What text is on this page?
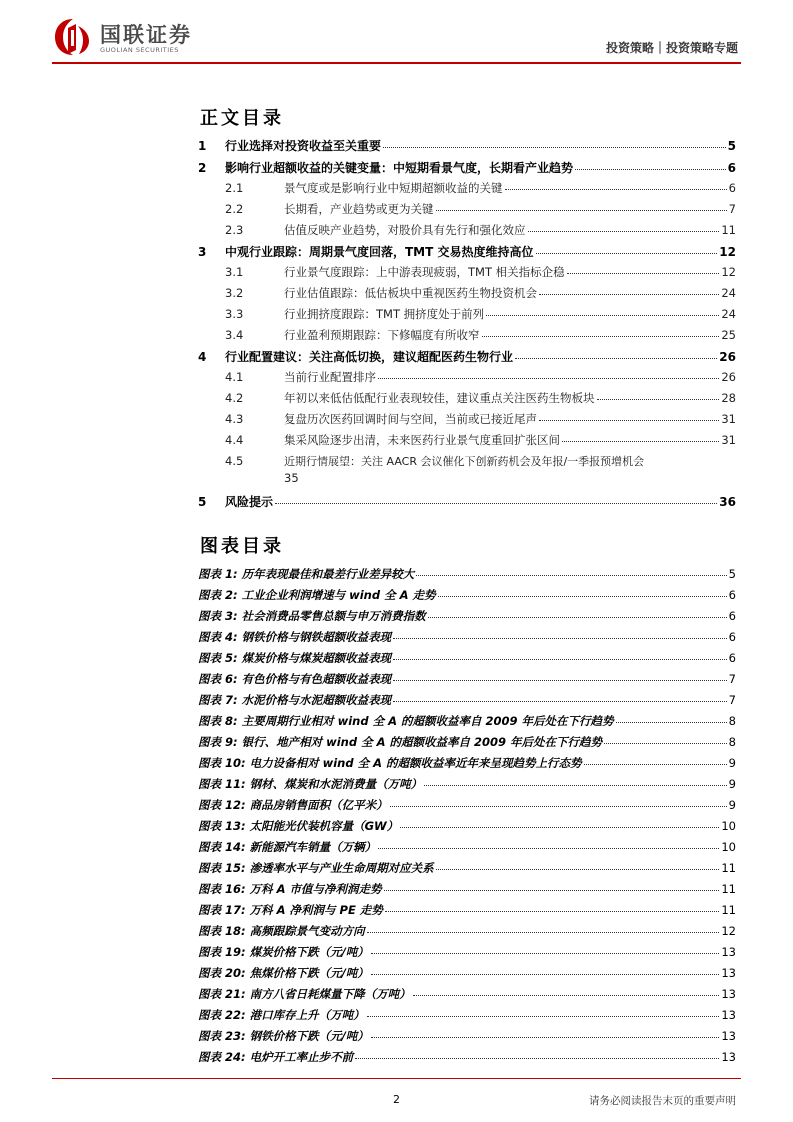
国联证券
GUOLIAN SECURITIES	投资策略｜投资策略专题
正文目录
1	行业选择对投资收益至关重要	5
2	影响行业超额收益的关键变量：中短期看景气度，长期看产业趋势	6
2.1	景气度或是影响行业中短期超额收益的关键	6
2.2	长期看，产业趋势或更为关键	7
2.3	估值反映产业趋势，对股价具有先行和强化效应	11
3	中观行业跟踪：周期景气度回落，TMT 交易热度维持高位	12
3.1	行业景气度跟踪：上中游表现疲弱，TMT 相关指标企稳	12
3.2	行业估值跟踪：低估板块中重视医药生物投资机会	24
3.3	行业拥挤度跟踪：TMT 拥挤度处于前列	24
3.4	行业盈利预期跟踪：下修幅度有所收窄	25
4	行业配置建议：关注高低切换，建议超配医药生物行业	26
4.1	当前行业配置排序	26
4.2	年初以来低估低配行业表现较佳，建议重点关注医药生物板块	28
4.3	复盘历次医药回调时间与空间，当前或已接近尾声	31
4.4	集采风险逐步出清，未来医药行业景气度重回扩张区间	31
4.5	近期行情展望：关注 AACR 会议催化下创新药机会及年报/一季报预增机会
35
5	风险提示	36
图表目录
图表 1: 历年表现最佳和最差行业差异较大	5
图表 2: 工业企业利润增速与 wind 全 A 走势	6
图表 3: 社会消费品零售总额与申万消费指数	6
图表 4: 钢铁价格与钢铁超额收益表现	6
图表 5: 煤炭价格与煤炭超额收益表现	6
图表 6: 有色价格与有色超额收益表现	7
图表 7: 水泥价格与水泥超额收益表现	7
图表 8: 主要周期行业相对 wind 全 A 的超额收益率自 2009 年后处在下行趋势	8
图表 9: 银行、地产相对 wind 全 A 的超额收益率自 2009 年后处在下行趋势	8
图表 10: 电力设备相对 wind 全 A 的超额收益率近年来呈现趋势上行态势	9
图表 11: 钢材、煤炭和水泥消费量（万吨）	9
图表 12: 商品房销售面积（亿平米）	9
图表 13: 太阳能光伏装机容量（GW）	10
图表 14: 新能源汽车销量（万辆）	10
图表 15: 渗透率水平与产业生命周期对应关系	11
图表 16: 万科 A 市值与净利润走势	11
图表 17: 万科 A 净利润与 PE 走势	11
图表 18: 高频跟踪景气变动方向	12
图表 19: 煤炭价格下跌（元/吨）	13
图表 20: 焦煤价格下跌（元/吨）	13
图表 21: 南方八省日耗煤量下降（万吨）	13
图表 22: 港口库存上升（万吨）	13
图表 23: 钢铁价格下跌（元/吨）	13
图表 24: 电炉开工率止步不前	13
2	请务必阅读报告末页的重要声明
